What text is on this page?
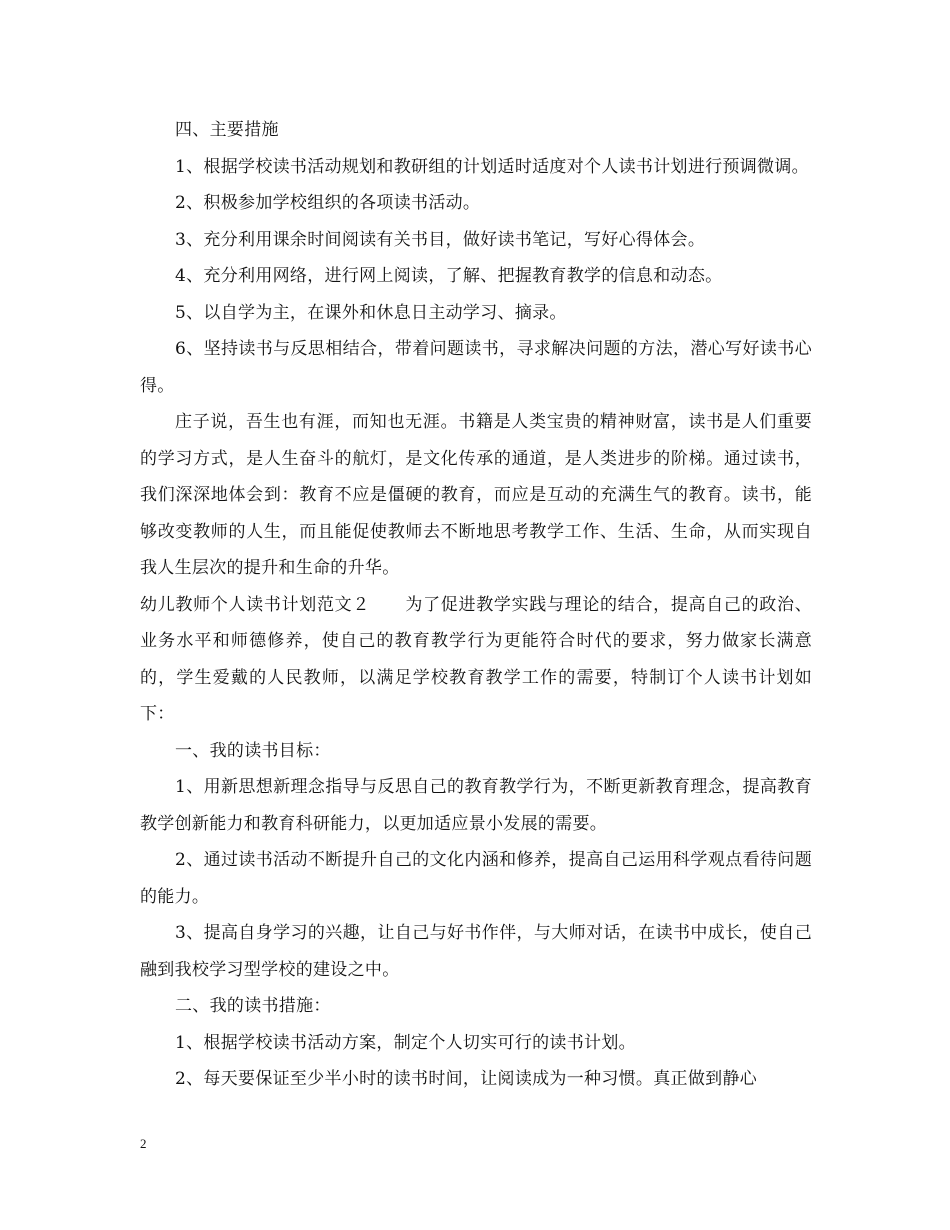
四、主要措施

1、根据学校读书活动规划和教研组的计划适时适度对个人读书计划进行预调微调。

2、积极参加学校组织的各项读书活动。

3、充分利用课余时间阅读有关书目，做好读书笔记，写好心得体会。

4、充分利用网络，进行网上阅读，了解、把握教育教学的信息和动态。

5、以自学为主，在课外和休息日主动学习、摘录。

6、坚持读书与反思相结合，带着问题读书，寻求解决问题的方法，潜心写好读书心得。

庄子说，吾生也有涯，而知也无涯。书籍是人类宝贵的精神财富，读书是人们重要的学习方式，是人生奋斗的航灯，是文化传承的通道，是人类进步的阶梯。通过读书，我们深深地体会到：教育不应是僵硬的教育，而应是互动的充满生气的教育。读书，能够改变教师的人生，而且能促使教师去不断地思考教学工作、生活、生命，从而实现自我人生层次的提升和生命的升华。

幼儿教师个人读书计划范文２　　为了促进教学实践与理论的结合，提高自己的政治、业务水平和师德修养，使自己的教育教学行为更能符合时代的要求，努力做家长满意的，学生爱戴的人民教师，以满足学校教育教学工作的需要，特制订个人读书计划如下：

一、我的读书目标：

1、用新思想新理念指导与反思自己的教育教学行为，不断更新教育理念，提高教育教学创新能力和教育科研能力，以更加适应景小发展的需要。

2、通过读书活动不断提升自己的文化内涵和修养，提高自己运用科学观点看待问题的能力。

3、提高自身学习的兴趣，让自己与好书作伴，与大师对话，在读书中成长，使自己融到我校学习型学校的建设之中。

二、我的读书措施：

1、根据学校读书活动方案，制定个人切实可行的读书计划。

2、每天要保证至少半小时的读书时间，让阅读成为一种习惯。真正做到静心

2
